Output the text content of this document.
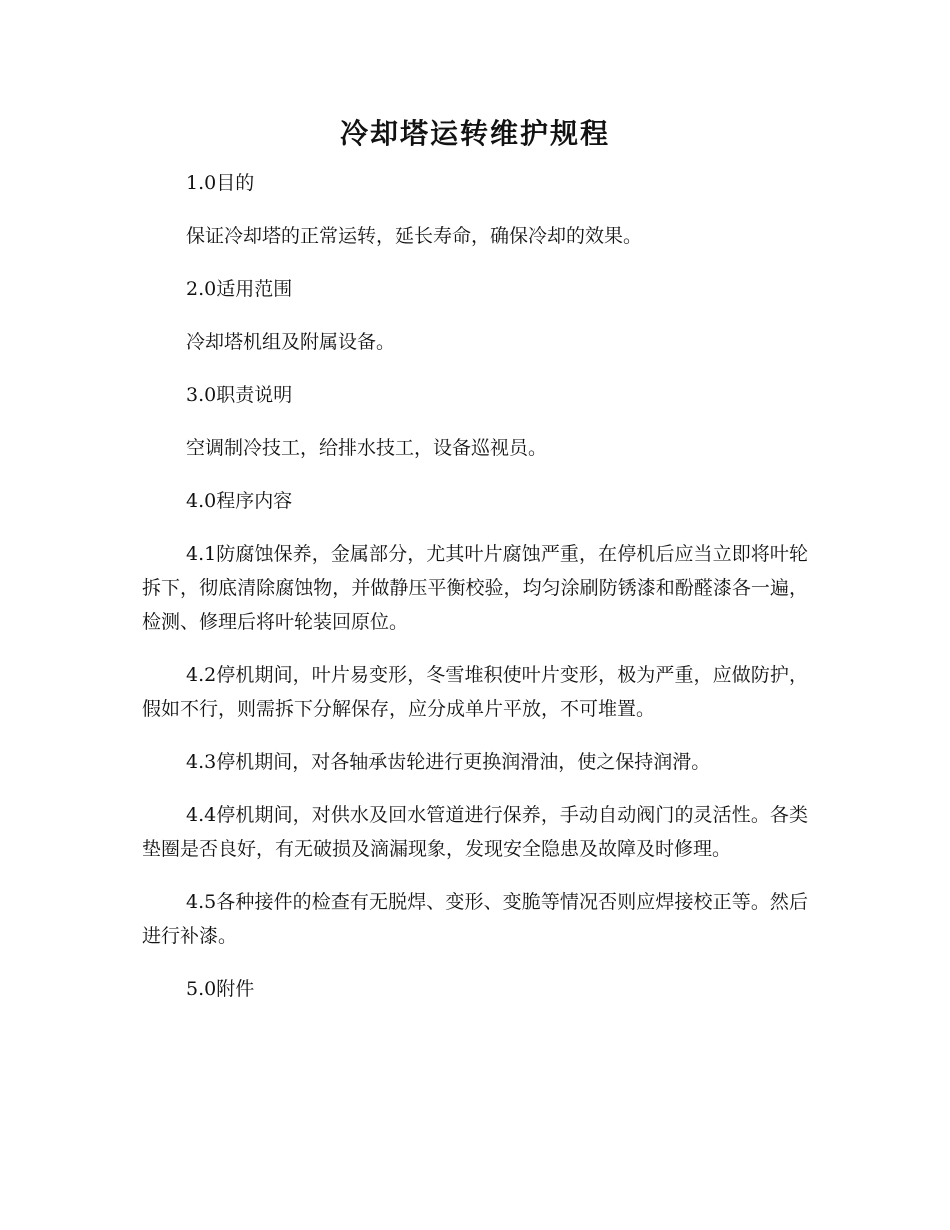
冷却塔运转维护规程

1.0目的

保证冷却塔的正常运转，延长寿命，确保冷却的效果。

2.0适用范围

冷却塔机组及附属设备。

3.0职责说明

空调制冷技工，给排水技工，设备巡视员。

4.0程序内容

4.1防腐蚀保养，金属部分，尤其叶片腐蚀严重，在停机后应当立即将叶轮拆下，彻底清除腐蚀物，并做静压平衡校验，均匀涂刷防锈漆和酚醛漆各一遍，检测、修理后将叶轮装回原位。

4.2停机期间，叶片易变形，冬雪堆积使叶片变形，极为严重，应做防护，假如不行，则需拆下分解保存，应分成单片平放，不可堆置。

4.3停机期间，对各轴承齿轮进行更换润滑油，使之保持润滑。

4.4停机期间，对供水及回水管道进行保养，手动自动阀门的灵活性。各类垫圈是否良好，有无破损及滴漏现象，发现安全隐患及故障及时修理。

4.5各种接件的检查有无脱焊、变形、变脆等情况否则应焊接校正等。然后进行补漆。

5.0附件
